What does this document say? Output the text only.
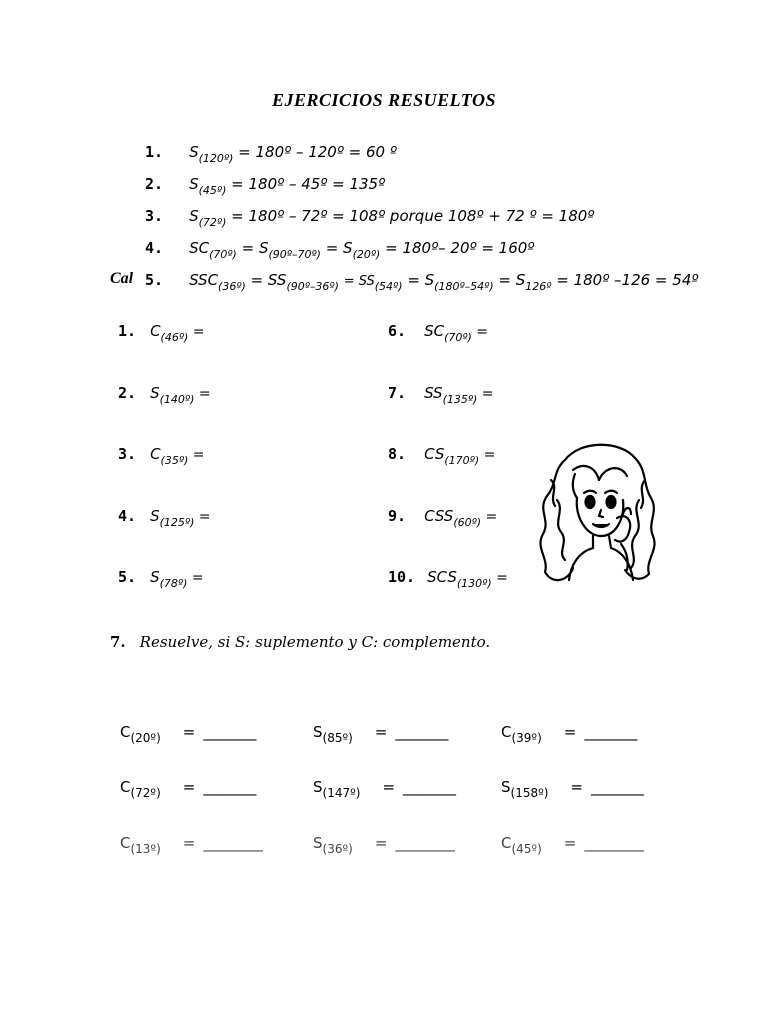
EJERCICIOS RESUELTOS
1. $S_{(120º)}$ = 180º – 120º = 60 º
2. $S_{(45º)}$ = 180º – 45º = 135º
3. $S_{(72º)}$ = 180º – 72º = 108º porque 108º + 72 º = 180º
4. $SC_{(70º)} = S_{(90º-70º)} = S_{(20º)}$ = 180º– 20º = 160º
Cal 5. $SSC_{(36º)} = SS_{(90º-36º)} = SS_{(54º)} = S_{(180º-54º)} = S_{126º}$ = 180º –126 = 54º
1. $C_{(46º)}$ =
2. $S_{(140º)}$ =
3. $C_{(35º)}$ =
4. $S_{(125º)}$ =
5. $S_{(78º)}$ =
6. $SC_{(70º)}$ =
7. $SS_{(135º)}$ =
8. $CS_{(170º)}$ =
9. $CSS_{(60º)}$ =
10. $SCS_{(130º)}$ =
7. Resuelve, si S: suplemento y C: complemento.
$C_{(20º)}$ = ________	$S_{(85º)}$ = ________	$C_{(39º)}$ = ________
$C_{(72º)}$ = ________	$S_{(147º)}$ = ________	$S_{(158º)}$ = ________
$C_{(13º)}$ = _________	$S_{(36º)}$ = _________	$C_{(45º)}$ = _________
